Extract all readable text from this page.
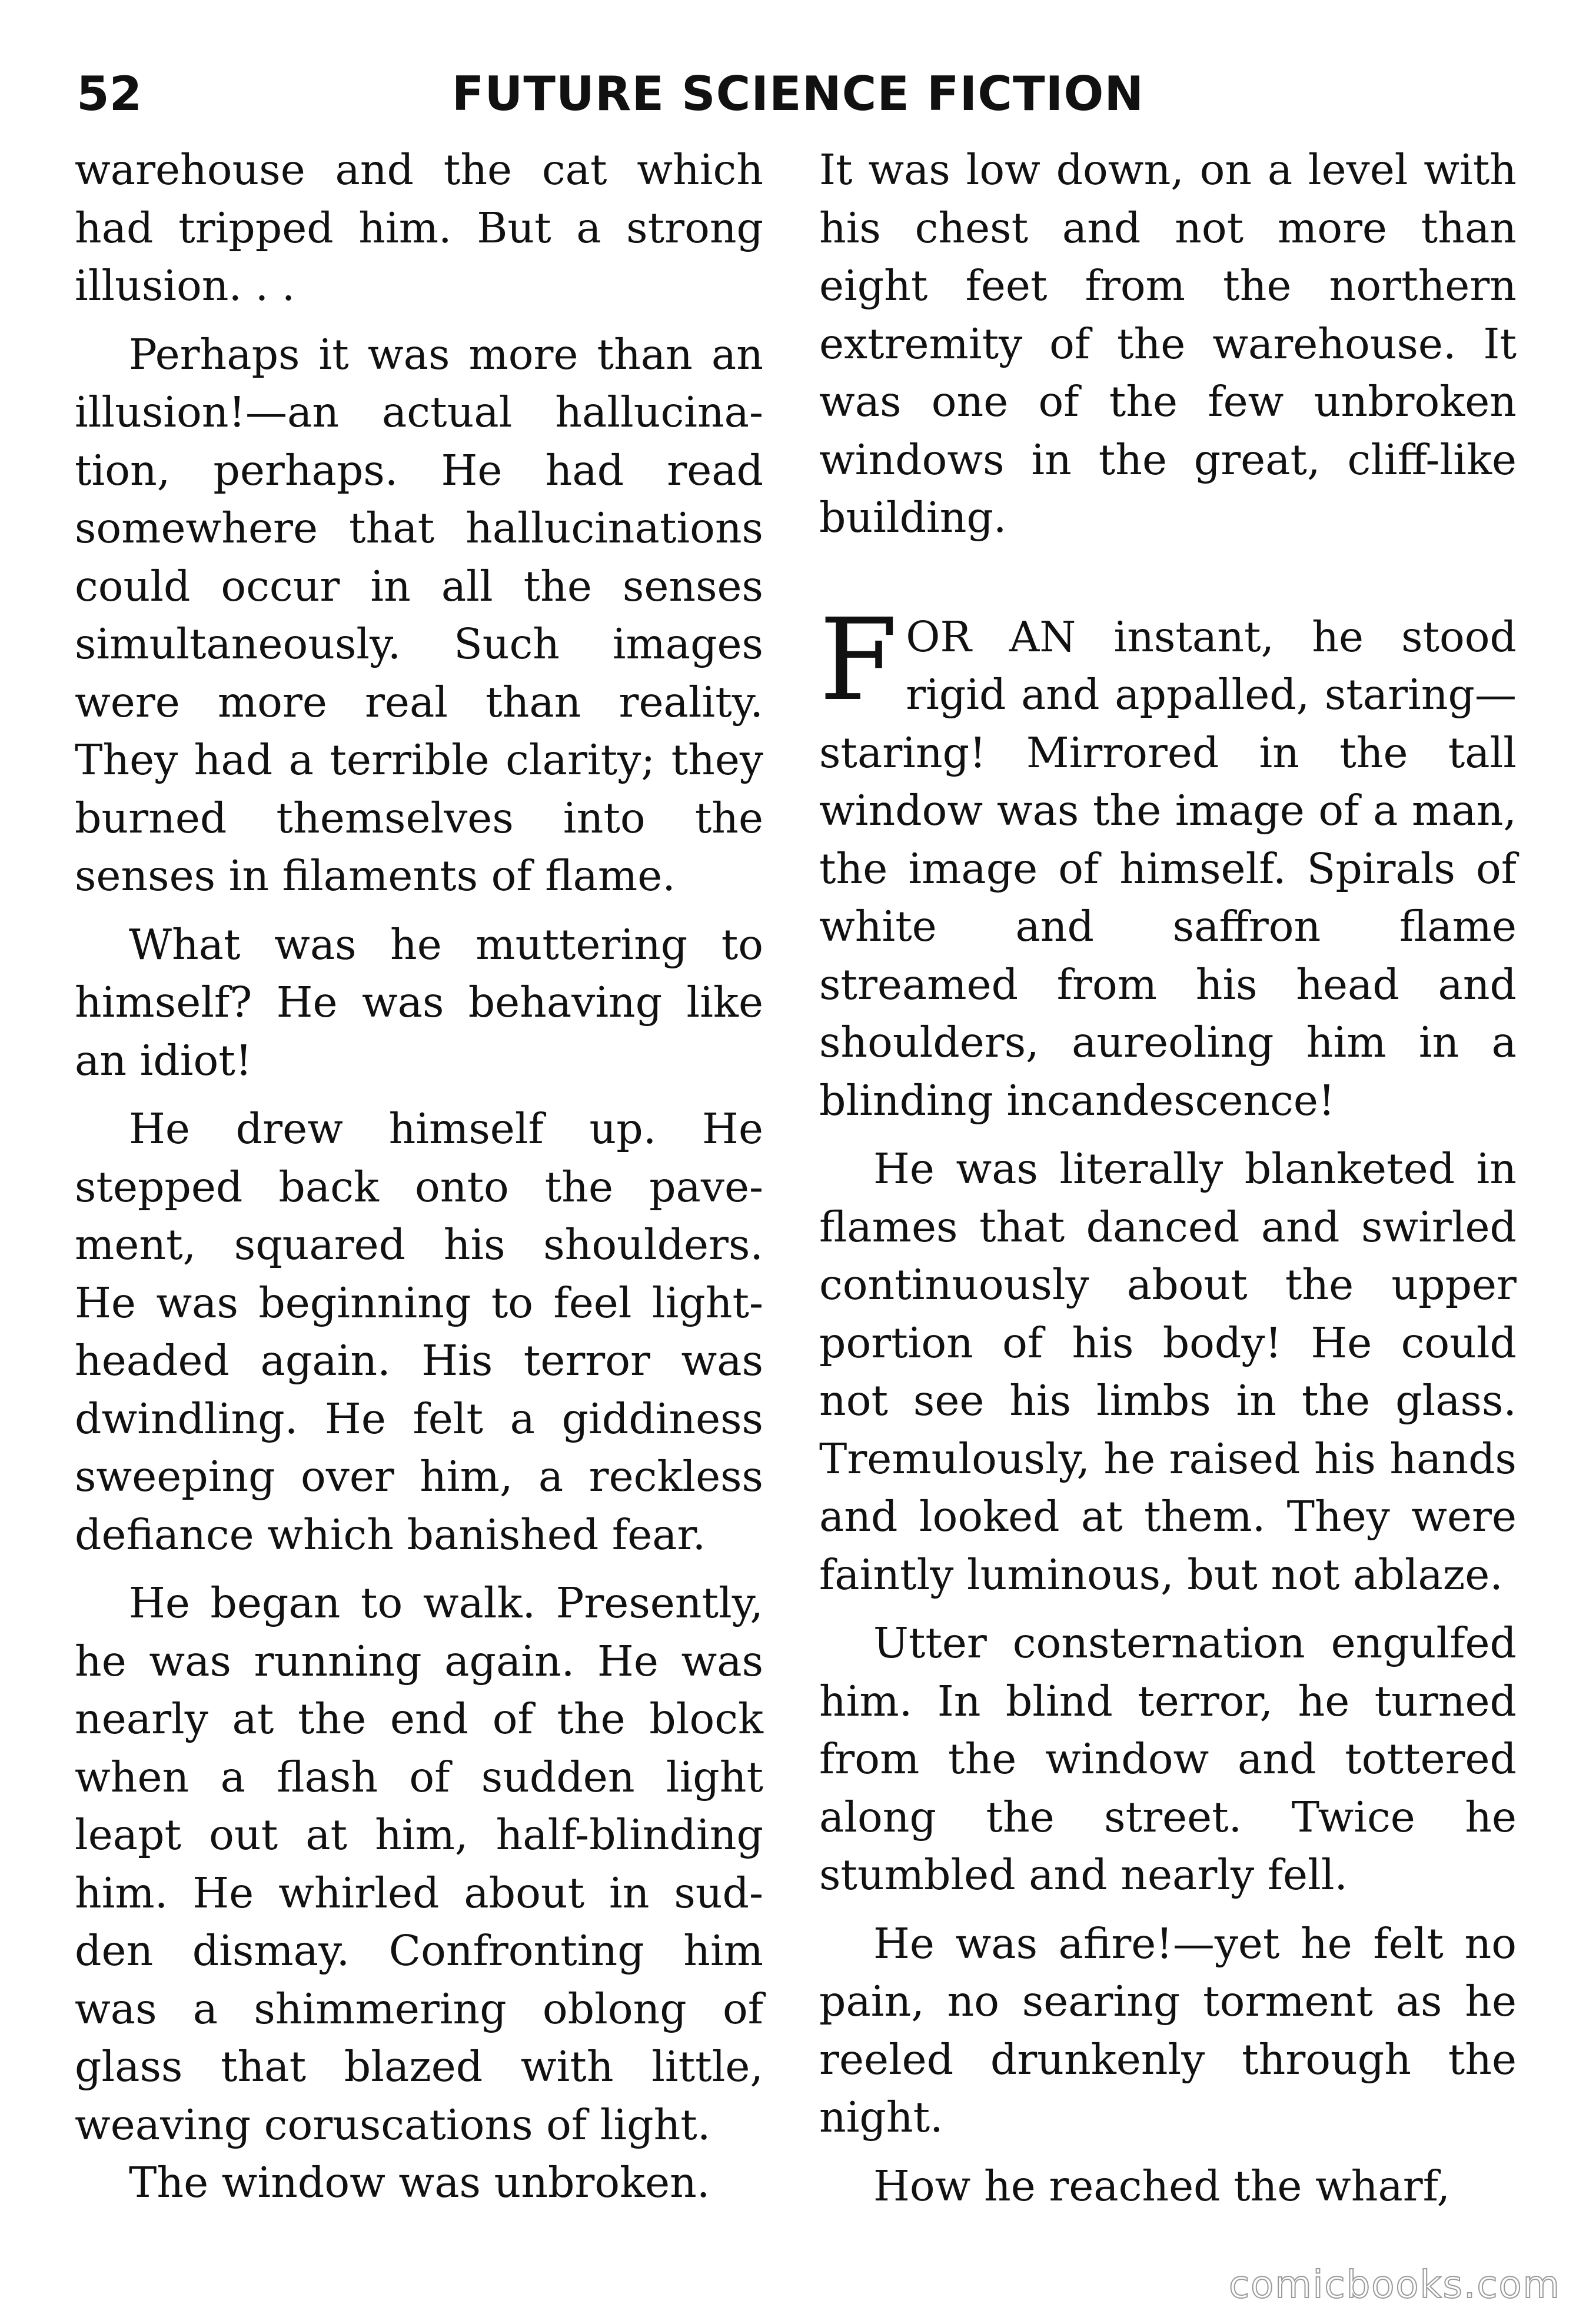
52	FUTURE SCIENCE FICTION

warehouse and the cat which had tripped him. But a strong illusion. . .

Perhaps it was more than an illusion!—an actual hallucination, perhaps. He had read somewhere that hallucinations could occur in all the senses simultaneously. Such images were more real than reality. They had a terrible clarity; they burned themselves into the senses in filaments of flame.

What was he muttering to himself? He was behaving like an idiot!

He drew himself up. He stepped back onto the pavement, squared his shoulders. He was beginning to feel lightheaded again. His terror was dwindling. He felt a giddiness sweeping over him, a reckless defiance which banished fear.

He began to walk. Presently, he was running again. He was nearly at the end of the block when a flash of sudden light leapt out at him, half-blinding him. He whirled about in sudden dismay. Confronting him was a shimmering oblong of glass that blazed with little, weaving coruscations of light.

The window was unbroken.

It was low down, on a level with his chest and not more than eight feet from the northern extremity of the warehouse. It was one of the few unbroken windows in the great, cliff-like building.

FOR AN instant, he stood rigid and appalled, staring—staring! Mirrored in the tall window was the image of a man, the image of himself. Spirals of white and saffron flame streamed from his head and shoulders, aureoling him in a blinding incandescence!

He was literally blanketed in flames that danced and swirled continuously about the upper portion of his body! He could not see his limbs in the glass. Tremulously, he raised his hands and looked at them. They were faintly luminous, but not ablaze.

Utter consternation engulfed him. In blind terror, he turned from the window and tottered along the street. Twice he stumbled and nearly fell.

He was afire!—yet he felt no pain, no searing torment as he reeled drunkenly through the night.

How he reached the wharf,

comicbooks.com
